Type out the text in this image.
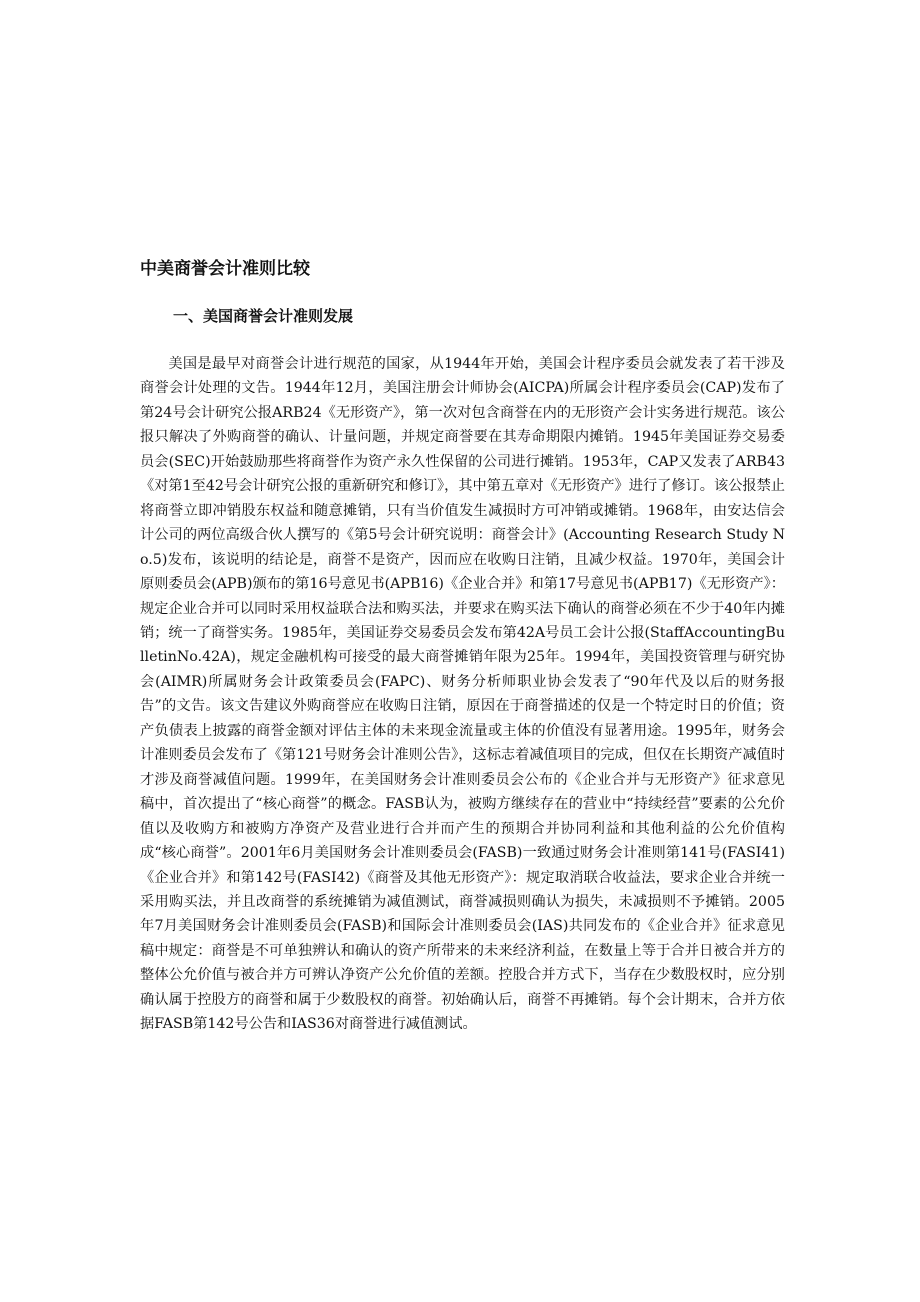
中美商誉会计准则比较
一、美国商誉会计准则发展

美国是最早对商誉会计进行规范的国家，从1944年开始，美国会计程序委员会就发表了若干涉及商誉会计处理的文告。1944年12月，美国注册会计师协会(AICPA)所属会计程序委员会(CAP)发布了第24号会计研究公报ARB24《无形资产》，第一次对包含商誉在内的无形资产会计实务进行规范。该公报只解决了外购商誉的确认、计量问题，并规定商誉要在其寿命期限内摊销。1945年美国证券交易委员会(SEC)开始鼓励那些将商誉作为资产永久性保留的公司进行摊销。1953年，CAP又发表了ARB43《对第1至42号会计研究公报的重新研究和修订》，其中第五章对《无形资产》进行了修订。该公报禁止将商誉立即冲销股东权益和随意摊销，只有当价值发生减损时方可冲销或摊销。1968年，由安达信会计公司的两位高级合伙人撰写的《第5号会计研究说明：商誉会计》(Accounting Research Study No.5)发布，该说明的结论是，商誉不是资产，因而应在收购日注销，且减少权益。1970年，美国会计原则委员会(APB)颁布的第16号意见书(APB16)《企业合并》和第17号意见书(APB17)《无形资产》：规定企业合并可以同时采用权益联合法和购买法，并要求在购买法下确认的商誉必须在不少于40年内摊销；统一了商誉实务。1985年，美国证券交易委员会发布第42A号员工会计公报(StaffAccountingBulletinNo.42A)，规定金融机构可接受的最大商誉摊销年限为25年。1994年，美国投资管理与研究协会(AIMR)所属财务会计政策委员会(FAPC)、财务分析师职业协会发表了“90年代及以后的财务报告”的文告。该文告建议外购商誉应在收购日注销，原因在于商誉描述的仅是一个特定时日的价值；资产负债表上披露的商誉金额对评估主体的未来现金流量或主体的价值没有显著用途。1995年，财务会计准则委员会发布了《第121号财务会计准则公告》，这标志着减值项目的完成，但仅在长期资产减值时才涉及商誉减值问题。1999年，在美国财务会计准则委员会公布的《企业合并与无形资产》征求意见稿中，首次提出了“核心商誉”的概念。FASB认为，被购方继续存在的营业中“持续经营”要素的公允价值以及收购方和被购方净资产及营业进行合并而产生的预期合并协同利益和其他利益的公允价值构成“核心商誉”。2001年6月美国财务会计准则委员会(FASB)一致通过财务会计准则第141号(FASI41)《企业合并》和第142号(FASI42)《商誉及其他无形资产》：规定取消联合收益法，要求企业合并统一采用购买法，并且改商誉的系统摊销为减值测试，商誉减损则确认为损失，未减损则不予摊销。2005年7月美国财务会计准则委员会(FASB)和国际会计准则委员会(IAS)共同发布的《企业合并》征求意见稿中规定：商誉是不可单独辨认和确认的资产所带来的未来经济利益，在数量上等于合并日被合并方的整体公允价值与被合并方可辨认净资产公允价值的差额。控股合并方式下，当存在少数股权时，应分别确认属于控股方的商誉和属于少数股权的商誉。初始确认后，商誉不再摊销。每个会计期末，合并方依据FASB第142号公告和IAS36对商誉进行减值测试。
